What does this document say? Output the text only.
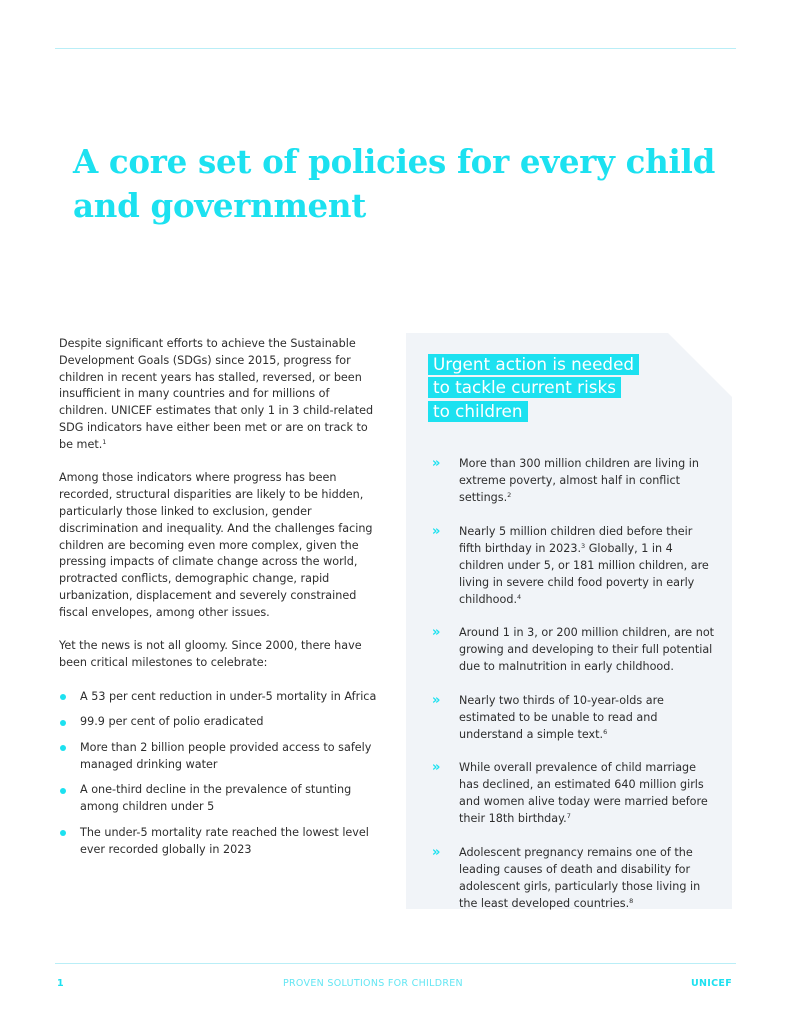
A core set of policies for every child and government

Despite significant efforts to achieve the Sustainable Development Goals (SDGs) since 2015, progress for children in recent years has stalled, reversed, or been insufficient in many countries and for millions of children. UNICEF estimates that only 1 in 3 child-related SDG indicators have either been met or are on track to be met.$^1$

Among those indicators where progress has been recorded, structural disparities are likely to be hidden, particularly those linked to exclusion, gender discrimination and inequality. And the challenges facing children are becoming even more complex, given the pressing impacts of climate change across the world, protracted conflicts, demographic change, rapid urbanization, displacement and severely constrained fiscal envelopes, among other issues.

Yet the news is not all gloomy. Since 2000, there have been critical milestones to celebrate:

A 53 per cent reduction in under-5 mortality in Africa
99.9 per cent of polio eradicated
More than 2 billion people provided access to safely managed drinking water
A one-third decline in the prevalence of stunting among children under 5
The under-5 mortality rate reached the lowest level ever recorded globally in 2023
Urgent action is needed
to tackle current risks
to children
» More than 300 million children are living in extreme poverty, almost half in conflict settings.$^2$
» Nearly 5 million children died before their fifth birthday in 2023.$^3$ Globally, 1 in 4 children under 5, or 181 million children, are living in severe child food poverty in early childhood.$^4$
» Around 1 in 3, or 200 million children, are not growing and developing to their full potential due to malnutrition in early childhood.
» Nearly two thirds of 10-year-olds are estimated to be unable to read and understand a simple text.$^6$
» While overall prevalence of child marriage has declined, an estimated 640 million girls and women alive today were married before their 18th birthday.$^7$
» Adolescent pregnancy remains one of the leading causes of death and disability for adolescent girls, particularly those living in the least developed countries.$^8$
1	PROVEN SOLUTIONS FOR CHILDREN	UNICEF
